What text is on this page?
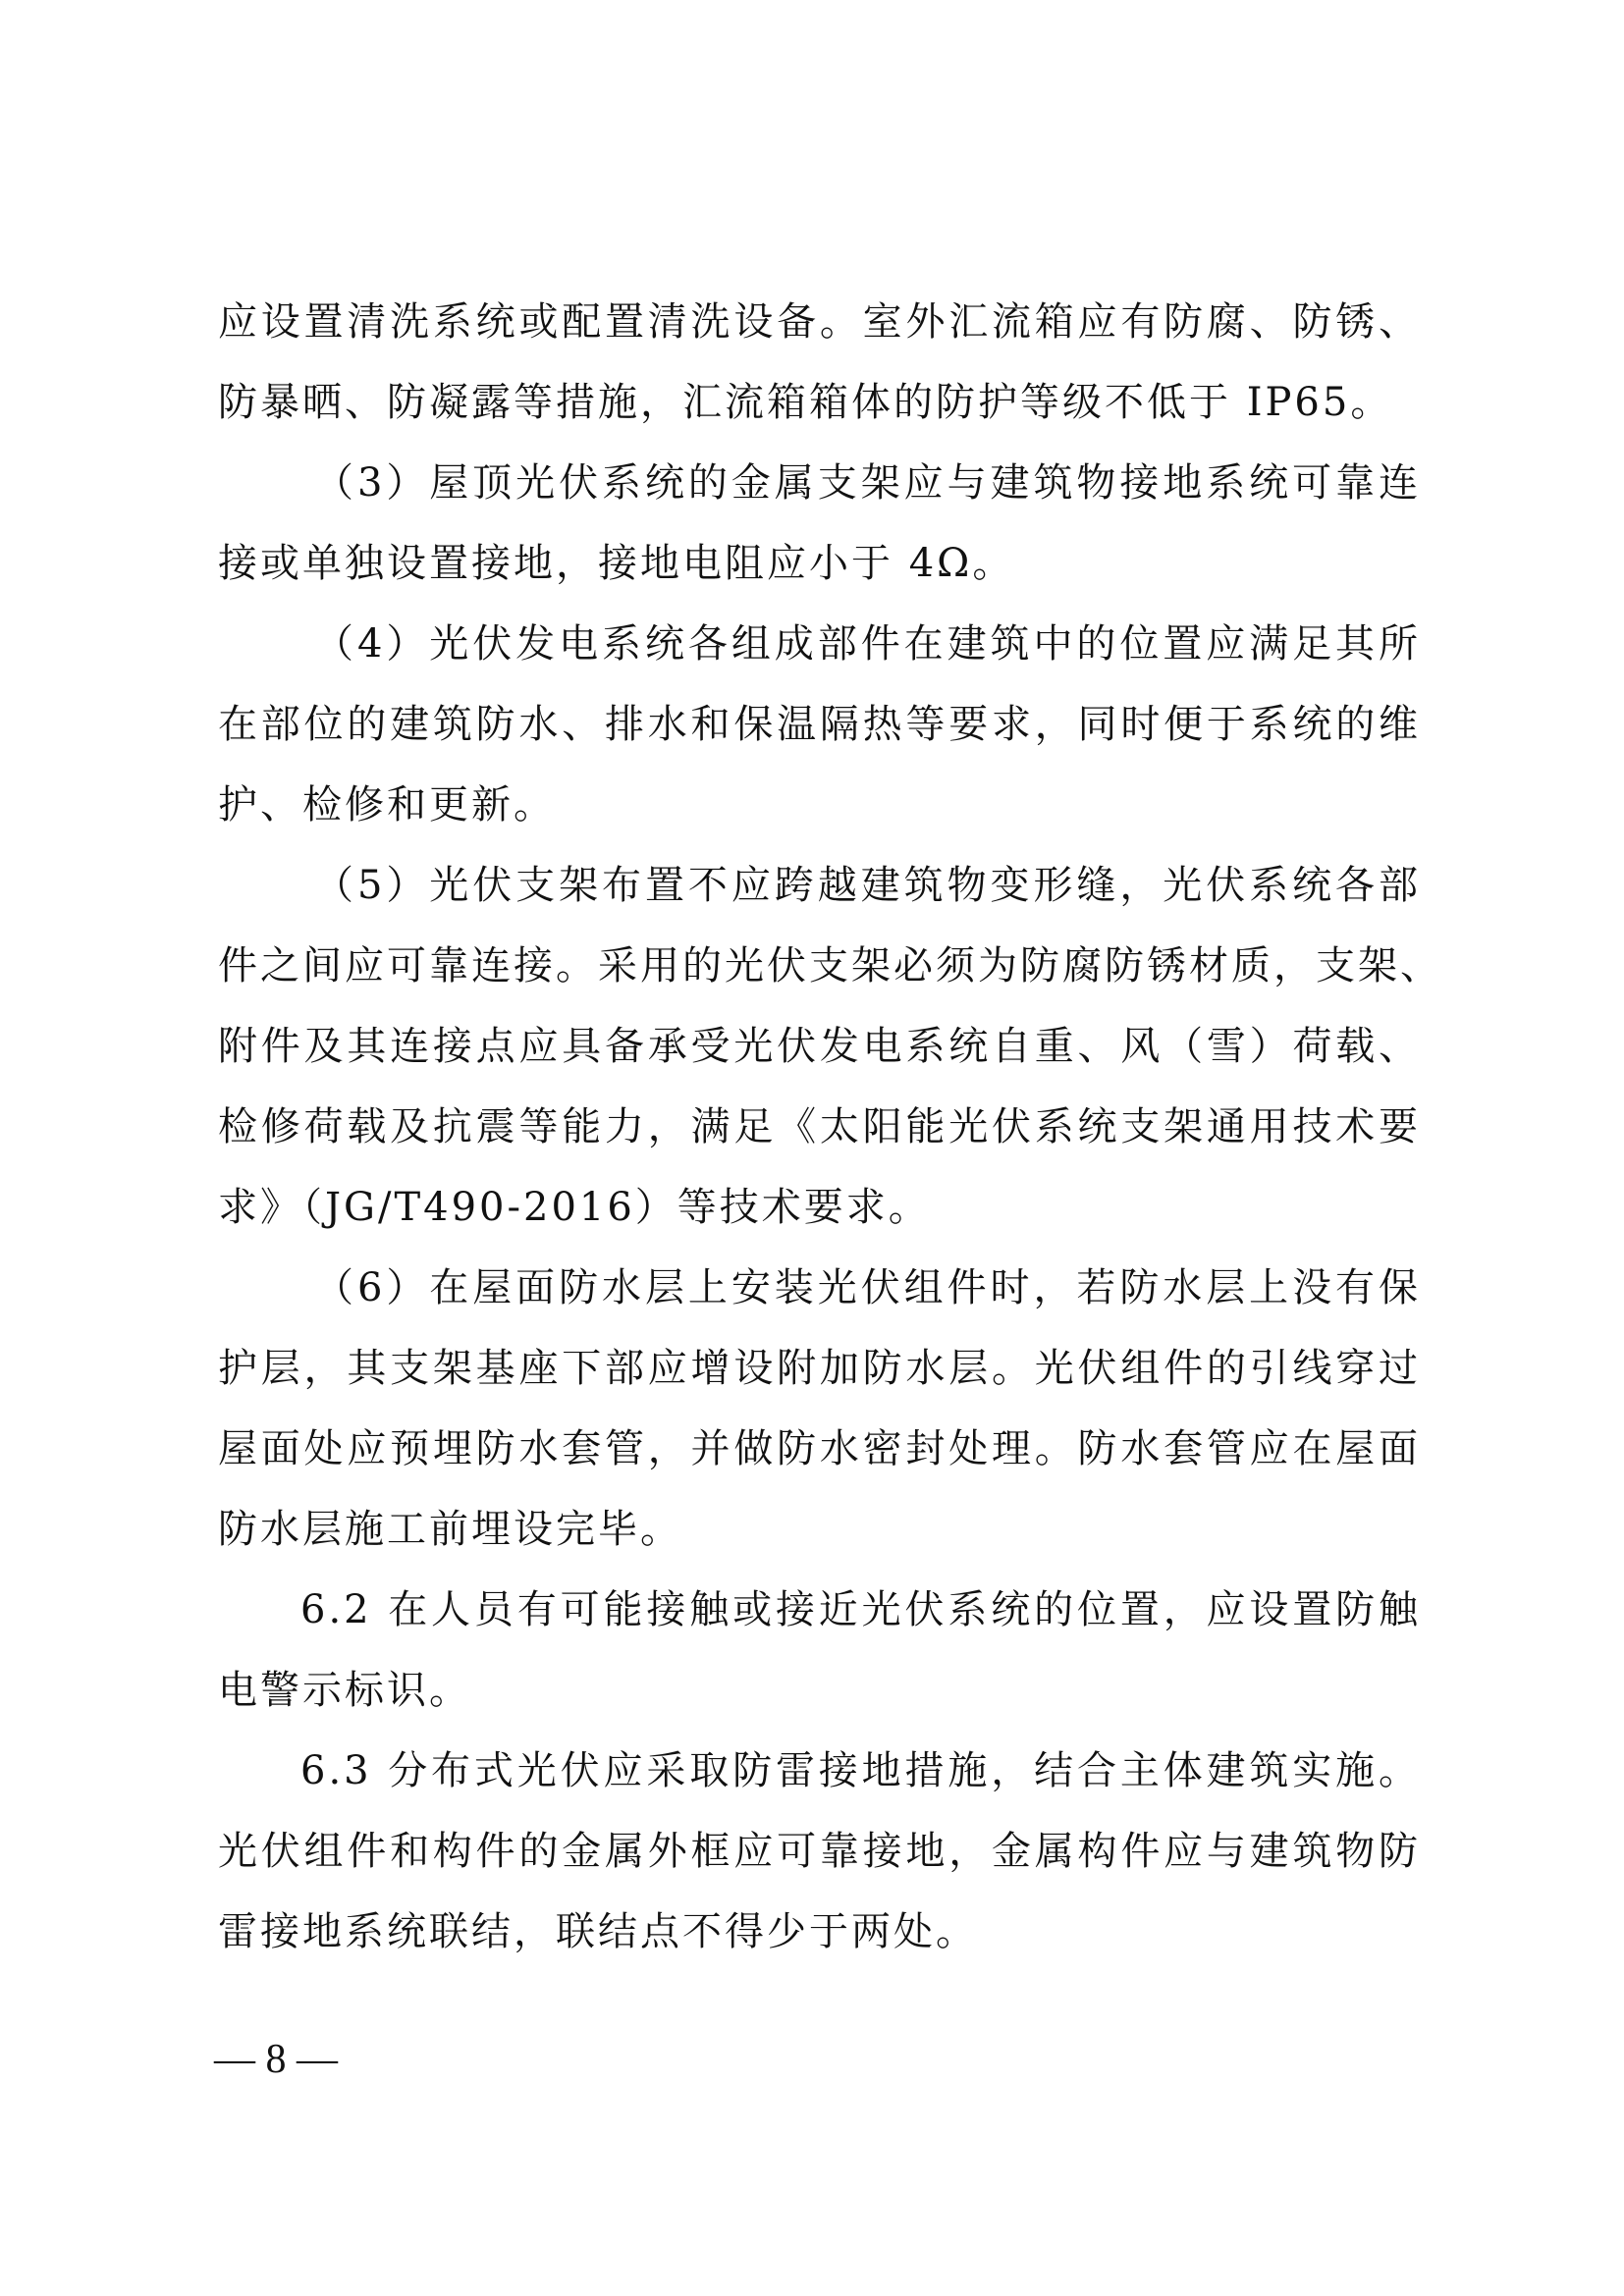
应设置清洗系统或配置清洗设备。室外汇流箱应有防腐、防锈、
防暴晒、防凝露等措施，汇流箱箱体的防护等级不低于 IP65。
（3）屋顶光伏系统的金属支架应与建筑物接地系统可靠连
接或单独设置接地，接地电阻应小于 4Ω。
（4）光伏发电系统各组成部件在建筑中的位置应满足其所
在部位的建筑防水、排水和保温隔热等要求，同时便于系统的维
护、检修和更新。
（5）光伏支架布置不应跨越建筑物变形缝，光伏系统各部
件之间应可靠连接。采用的光伏支架必须为防腐防锈材质，支架、
附件及其连接点应具备承受光伏发电系统自重、风（雪）荷载、
检修荷载及抗震等能力，满足《太阳能光伏系统支架通用技术要
求》（JG/T490-2016）等技术要求。
（6）在屋面防水层上安装光伏组件时，若防水层上没有保
护层，其支架基座下部应增设附加防水层。光伏组件的引线穿过
屋面处应预埋防水套管，并做防水密封处理。防水套管应在屋面
防水层施工前埋设完毕。
6.2 在人员有可能接触或接近光伏系统的位置，应设置防触
电警示标识。
6.3 分布式光伏应采取防雷接地措施，结合主体建筑实施。
光伏组件和构件的金属外框应可靠接地，金属构件应与建筑物防
雷接地系统联结，联结点不得少于两处。
— 8 —
